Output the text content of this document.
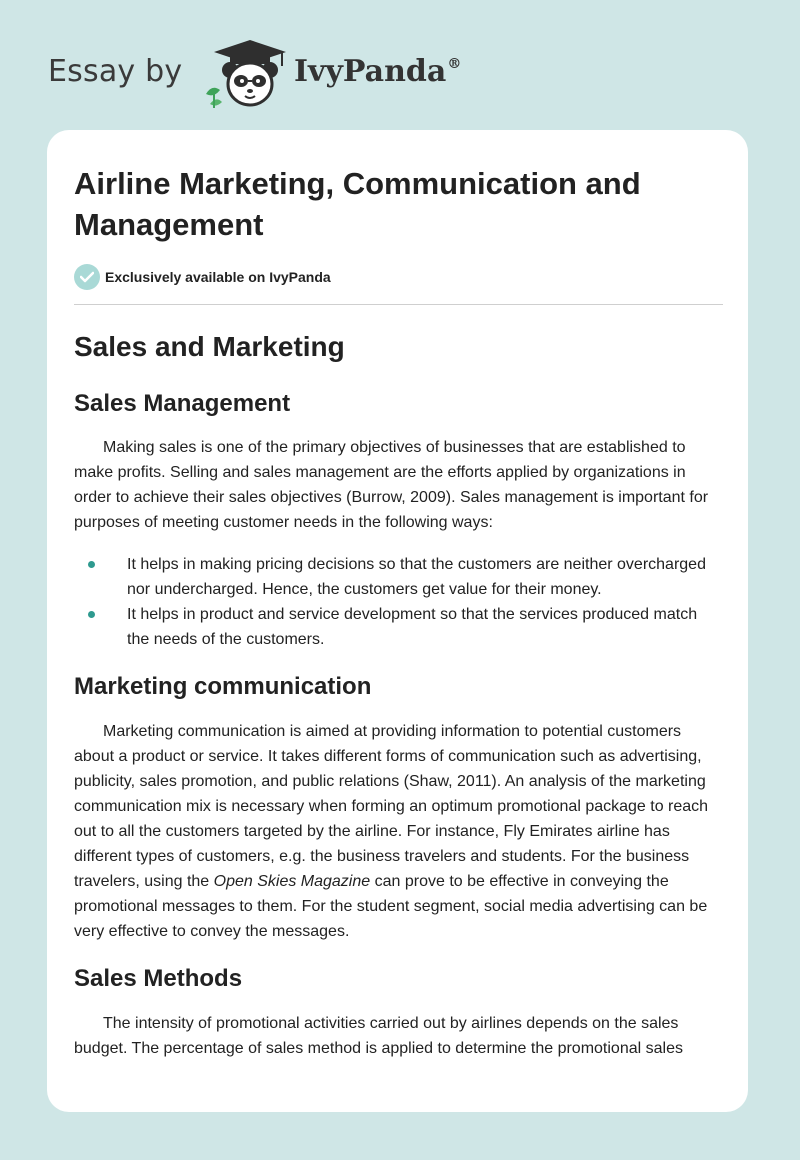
Essay by	IvyPanda®
Airline Marketing, Communication and Management
Exclusively available on IvyPanda
Sales and Marketing
Sales Management

Making sales is one of the primary objectives of businesses that are established to make profits. Selling and sales management are the efforts applied by organizations in order to achieve their sales objectives (Burrow, 2009). Sales management is important for purposes of meeting customer needs in the following ways:

It helps in making pricing decisions so that the customers are neither overcharged nor undercharged. Hence, the customers get value for their money.
It helps in product and service development so that the services produced match the needs of the customers.
Marketing communication

Marketing communication is aimed at providing information to potential customers about a product or service. It takes different forms of communication such as advertising, publicity, sales promotion, and public relations (Shaw, 2011). An analysis of the marketing communication mix is necessary when forming an optimum promotional package to reach out to all the customers targeted by the airline. For instance, Fly Emirates airline has different types of customers, e.g. the business travelers and students. For the business travelers, using the Open Skies Magazine can prove to be effective in conveying the promotional messages to them. For the student segment, social media advertising can be very effective to convey the messages.

Sales Methods

The intensity of promotional activities carried out by airlines depends on the sales budget. The percentage of sales method is applied to determine the promotional sales
